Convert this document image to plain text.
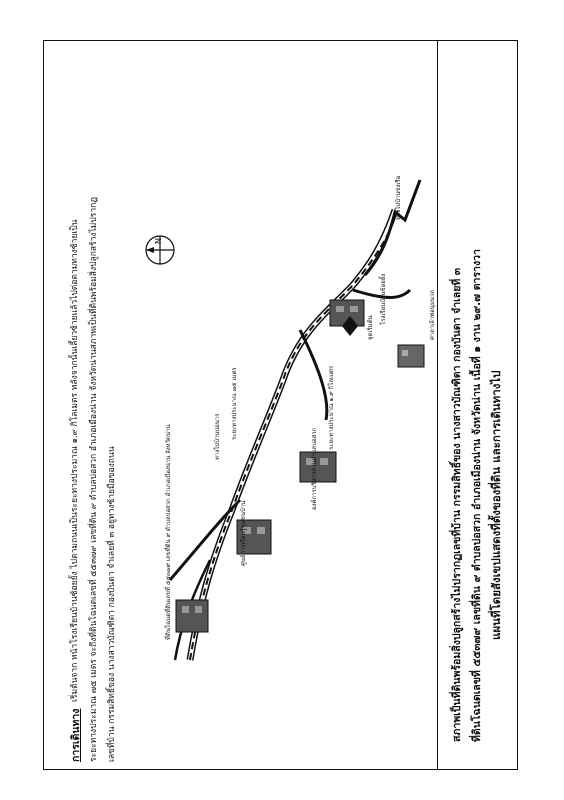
แผนที่โดยสังเขปแสดงที่ตั้งของที่ดิน และการเดินทางไป
ที่ดินโฉนดเลขที่ ๕๕๓๗๙ เลขที่ดิน ๙ ตำบลบ่อสวก อำเภอเมืองน่าน จังหวัดน่าน เนื้อที่ ๑ งาน ๒๙.๗ ตารางวา
สภาพเป็นที่ดินพร้อมสิ่งปลูกสร้างไม่ปรากฏเลขที่บ้าน กรรมสิทธิ์ของ นางสาวบัณฑิตา กองบันดา จำเลยที่ ๓
การเดินทาง
เริ่มต้นจาก หน้าโรงเรียนบ้านซ้อยยั้ง ไปตามถนนเป็นระยะทางประมาณ ๑.๙ กิโลเมตร หลังจากนั้นเลี้ยวซ้ายแล้วไปต่อตามทางซ้ายเป็น ระยะทางประมาณ ๗๕ เมตร จะถึงที่ดินโฉนดเลขที่ ๕๕๓๗๙ เลขที่ดิน ๙ ตำบลบ่อสวก อำเภอเมืองน่าน จังหวัดน่านสภาพเป็นที่ดินพร้อมสิ่งปลูกสร้างไม่ปรากฏ เลขที่บ้าน กรรมสิทธิ์ของ นางสาวบัณฑิตา กองบันดา จำเลยที่ ๓ อยู่ทางซ้ายมือของถนน
โรงเรียนบ้านซ้อยยั้ง
จุดเริ่มต้น	ศาลาเจ้าพ่อนุ่มนวล
ทางไปบ้านซ่งเรือ
ระยะทางประมาณ ๑.๙ กิโลเมตร
องค์การบริหารส่วนตำบลบ่อสวก
ทางไปบ้านบ่อนาร ระยะทางประมาณ ๗๕ เมตร
ศูนย์การเรียนรู้ชุมชนบ้าน
ที่ดินโฉนดที่ดินเลขที่ ๕๕๓๗๙ เลขที่ดิน ๙ ตำบลบ่อสวก อำเภอเมืองน่าน จังหวัดน่าน
N
